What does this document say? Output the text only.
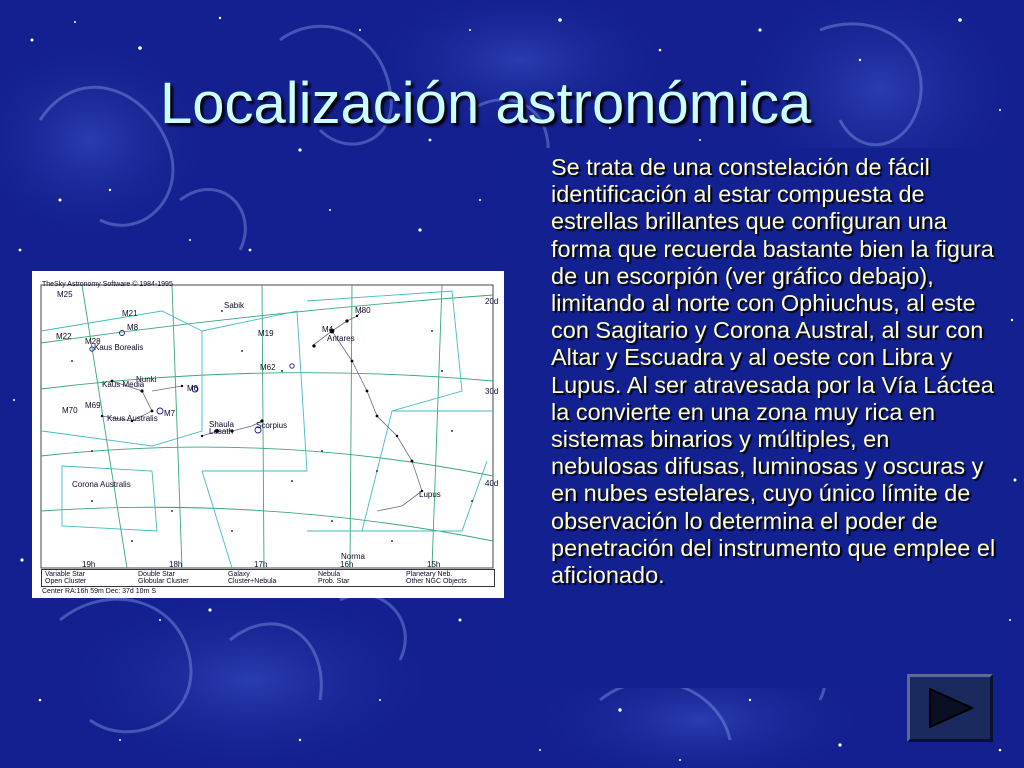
Localización astronómica

Se trata de una constelación de fácil identificación al estar compuesta de estrellas brillantes que configuran una forma que recuerda bastante bien la figura de un escorpión (ver gráfico debajo), limitando al norte con Ophiuchus, al este con Sagitario y Corona Austral, al sur con Altar y Escuadra y al oeste con Libra y Lupus. Al ser atravesada por la Vía Láctea la convierte en una zona muy rica en sistemas binarios y múltiples, en nebulosas difusas, luminosas y oscuras y en nubes estelares, cuyo único límite de observación lo determina el poder de penetración del instrumento que emplee el aficionado.

TheSky Astronomy Software © 1984-1995
M25
M21
M8
M22
M28
Kaus Borealis
Kaus Media
Nunki
M69
Kaus Australis
M7
Shaula
Lesath
Scorpius
Sabik
M80
M4
Antares
M19
M62
M6
M70
Corona Australis
Lupus
Norma
20d
30d
40d
19h	18h	17h	16h	15h
Variable Star
Open Cluster
Double Star
Globular Cluster
Galaxy
Cluster+Nebula
Nebula
Prob. Star
Planetary Neb.
Other NGC Objects
Center RA:16h 59m Dec: 37d 10m S
